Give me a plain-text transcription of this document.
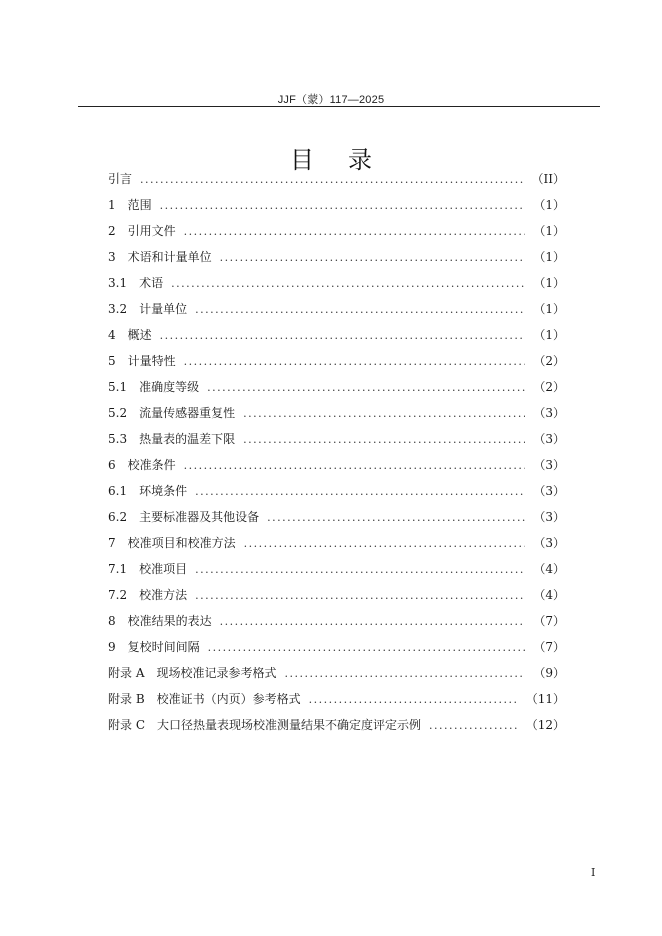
JJF（蒙）117—2025
目录
引言 .....	（II）
1 范围 .....	（1）
2 引用文件 .....	（1）
3 术语和计量单位 .....	（1）
3.1 术语 .....	（1）
3.2 计量单位 .....	（1）
4 概述 .....	（1）
5 计量特性 .....	（2）
5.1 准确度等级 .....	（2）
5.2 流量传感器重复性 .....	（3）
5.3 热量表的温差下限 .....	（3）
6 校准条件 .....	（3）
6.1 环境条件 .....	（3）
6.2 主要标准器及其他设备 .....	（3）
7 校准项目和校准方法 .....	（3）
7.1 校准项目 .....	（4）
7.2 校准方法 .....	（4）
8 校准结果的表达 .....	（7）
9 复校时间间隔 .....	（7）
附录 A 现场校准记录参考格式 .....	（9）
附录 B 校准证书（内页）参考格式 .....	（11）
附录 C 大口径热量表现场校准测量结果不确定度评定示例 .....	（12）
I
